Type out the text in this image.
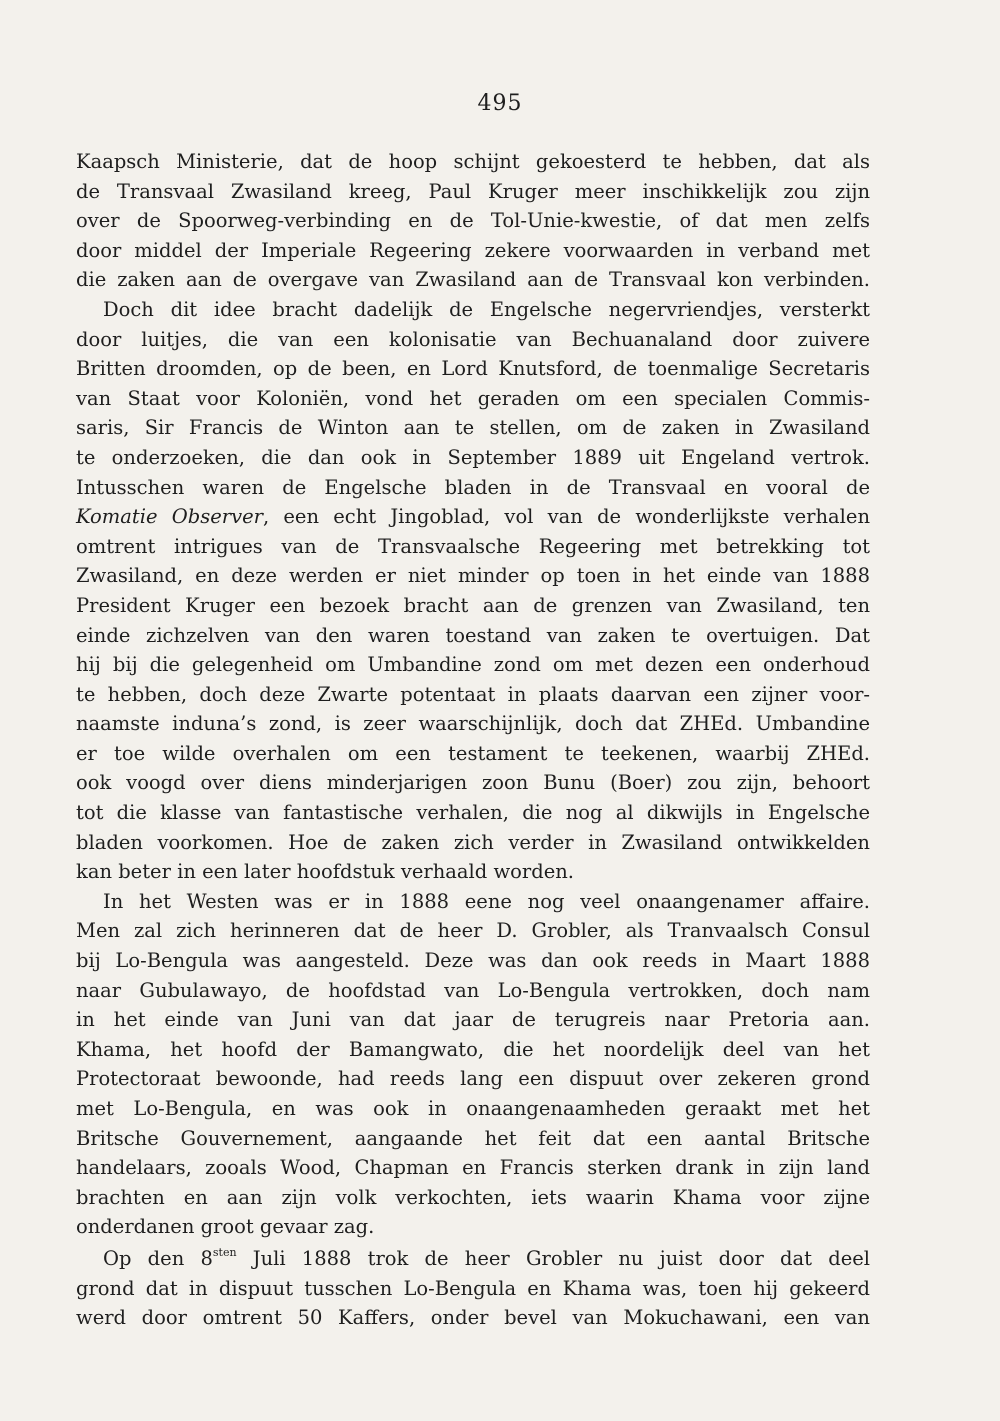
495
Kaapsch Ministerie, dat de hoop schijnt gekoesterd te hebben, dat als
de Transvaal Zwasiland kreeg, Paul Kruger meer inschikkelijk zou zijn
over de Spoorweg-verbinding en de Tol-Unie-kwestie, of dat men zelfs
door middel der Imperiale Regeering zekere voorwaarden in verband met
die zaken aan de overgave van Zwasiland aan de Transvaal kon verbinden.
Doch dit idee bracht dadelijk de Engelsche negervriendjes, versterkt
door luitjes, die van een kolonisatie van Bechuanaland door zuivere
Britten droomden, op de been, en Lord Knutsford, de toenmalige Secretaris
van Staat voor Koloniën, vond het geraden om een specialen Commis-
saris, Sir Francis de Winton aan te stellen, om de zaken in Zwasiland
te onderzoeken, die dan ook in September 1889 uit Engeland vertrok.
Intusschen waren de Engelsche bladen in de Transvaal en vooral de
Komatie Observer, een echt Jingoblad, vol van de wonderlijkste verhalen
omtrent intrigues van de Transvaalsche Regeering met betrekking tot
Zwasiland, en deze werden er niet minder op toen in het einde van 1888
President Kruger een bezoek bracht aan de grenzen van Zwasiland, ten
einde zichzelven van den waren toestand van zaken te overtuigen. Dat
hij bij die gelegenheid om Umbandine zond om met dezen een onderhoud
te hebben, doch deze Zwarte potentaat in plaats daarvan een zijner voor-
naamste induna’s zond, is zeer waarschijnlijk, doch dat ZHEd. Umbandine
er toe wilde overhalen om een testament te teekenen, waarbij ZHEd.
ook voogd over diens minderjarigen zoon Bunu (Boer) zou zijn, behoort
tot die klasse van fantastische verhalen, die nog al dikwijls in Engelsche
bladen voorkomen. Hoe de zaken zich verder in Zwasiland ontwikkelden
kan beter in een later hoofdstuk verhaald worden.
In het Westen was er in 1888 eene nog veel onaangenamer affaire.
Men zal zich herinneren dat de heer D. Grobler, als Tranvaalsch Consul
bij Lo-Bengula was aangesteld. Deze was dan ook reeds in Maart 1888
naar Gubulawayo, de hoofdstad van Lo-Bengula vertrokken, doch nam
in het einde van Juni van dat jaar de terugreis naar Pretoria aan.
Khama, het hoofd der Bamangwato, die het noordelijk deel van het
Protectoraat bewoonde, had reeds lang een dispuut over zekeren grond
met Lo-Bengula, en was ook in onaangenaamheden geraakt met het
Britsche Gouvernement, aangaande het feit dat een aantal Britsche
handelaars, zooals Wood, Chapman en Francis sterken drank in zijn land
brachten en aan zijn volk verkochten, iets waarin Khama voor zijne
onderdanen groot gevaar zag.
Op den $8^{sten}$ Juli 1888 trok de heer Grobler nu juist door dat deel
grond dat in dispuut tusschen Lo-Bengula en Khama was, toen hij gekeerd
werd door omtrent 50 Kaffers, onder bevel van Mokuchawani, een van
